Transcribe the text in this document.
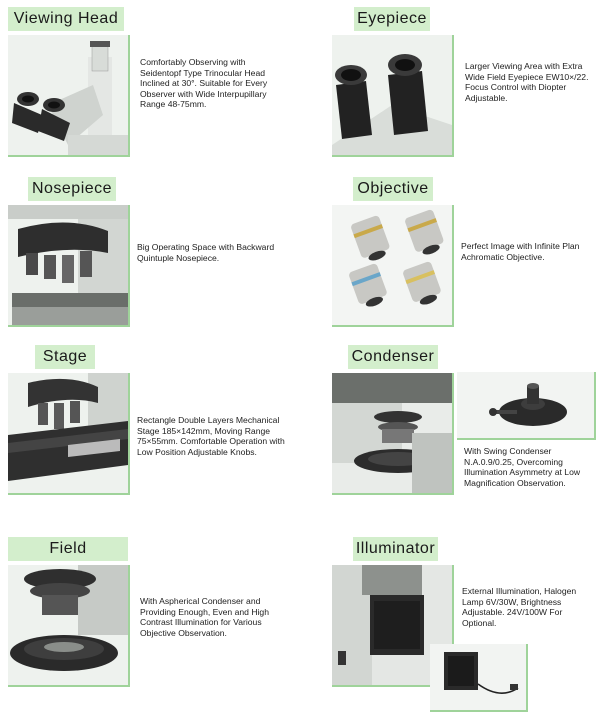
Viewing Head
Comfortably Observing with Seidentopf Type Trinocular Head Inclined at 30°. Suitable for Every Observer with Wide Interpupillary Range 48-75mm.
Eyepiece
Larger Viewing Area with Extra Wide Field Eyepiece EW10×/22. Focus Control with Diopter Adjustable.
Nosepiece
Big Operating Space with Backward Quintuple Nosepiece.
Objective
Perfect Image with Infinite Plan Achromatic Objective.
Stage
Rectangle Double Layers Mechanical Stage 185×142mm, Moving Range 75×55mm. Comfortable Operation with Low Position Adjustable Knobs.
Condenser
With Swing Condenser N.A.0.9/0.25, Overcoming Illumination Asymmetry at Low Magnification Observation.
Field
With Aspherical Condenser and Providing Enough, Even and High Contrast Illumination for Various Objective Observation.
Illuminator
External Illumination, Halogen Lamp 6V/30W, Brightness Adjustable. 24V/100W For Optional.
